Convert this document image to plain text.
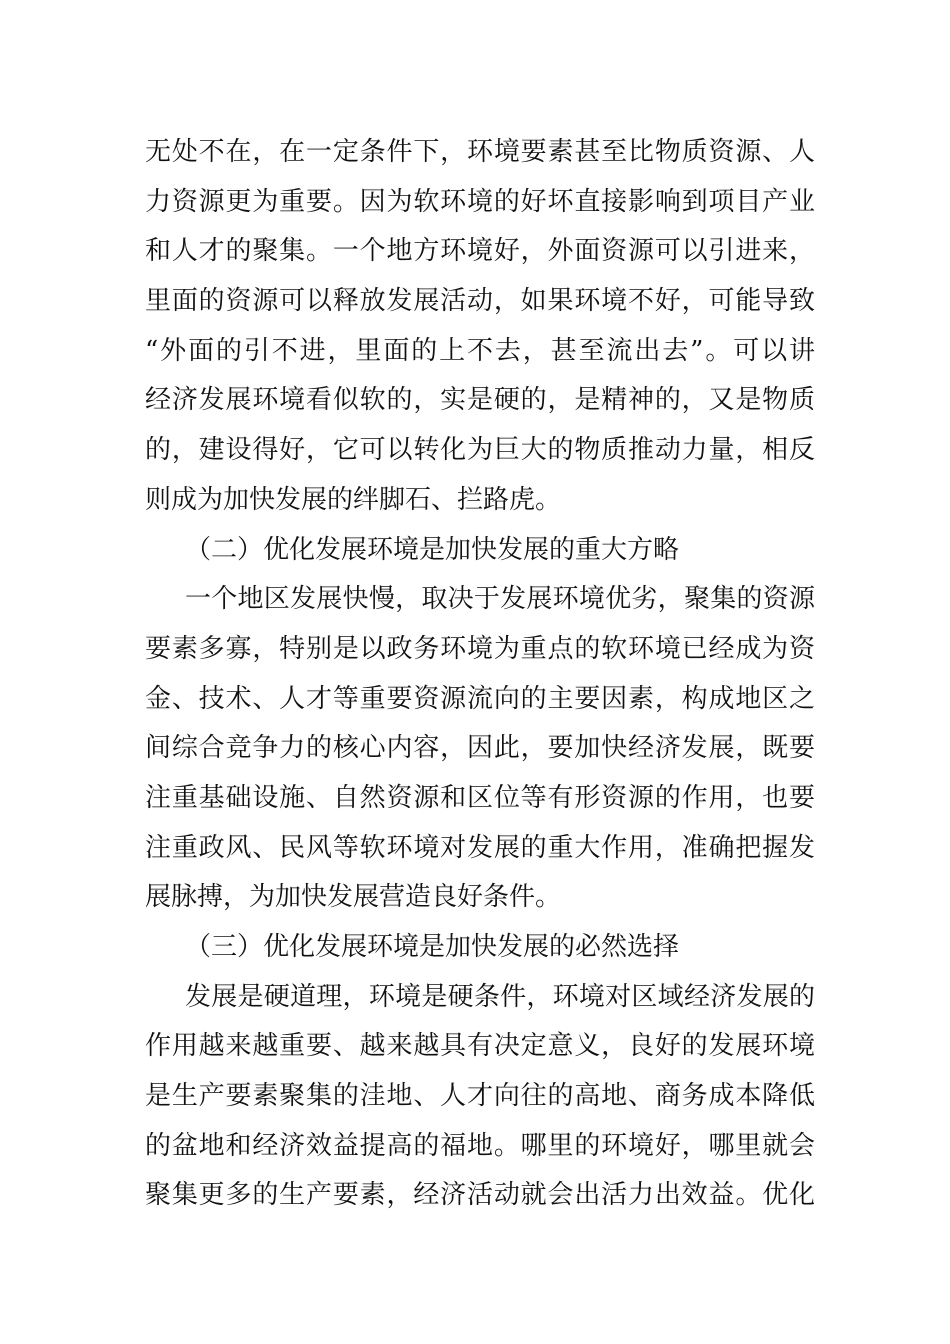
无处不在，在一定条件下，环境要素甚至比物质资源、人
力资源更为重要。因为软环境的好坏直接影响到项目产业
和人才的聚集。一个地方环境好，外面资源可以引进来，
里面的资源可以释放发展活动，如果环境不好，可能导致
“外面的引不进，里面的上不去，甚至流出去”。可以讲
经济发展环境看似软的，实是硬的，是精神的，又是物质
的，建设得好，它可以转化为巨大的物质推动力量，相反
则成为加快发展的绊脚石、拦路虎。
（二）优化发展环境是加快发展的重大方略
一个地区发展快慢，取决于发展环境优劣，聚集的资源
要素多寡，特别是以政务环境为重点的软环境已经成为资
金、技术、人才等重要资源流向的主要因素，构成地区之
间综合竞争力的核心内容，因此，要加快经济发展，既要
注重基础设施、自然资源和区位等有形资源的作用，也要
注重政风、民风等软环境对发展的重大作用，准确把握发
展脉搏，为加快发展营造良好条件。
（三）优化发展环境是加快发展的必然选择
发展是硬道理，环境是硬条件，环境对区域经济发展的
作用越来越重要、越来越具有决定意义，良好的发展环境
是生产要素聚集的洼地、人才向往的高地、商务成本降低
的盆地和经济效益提高的福地。哪里的环境好，哪里就会
聚集更多的生产要素，经济活动就会出活力出效益。优化
